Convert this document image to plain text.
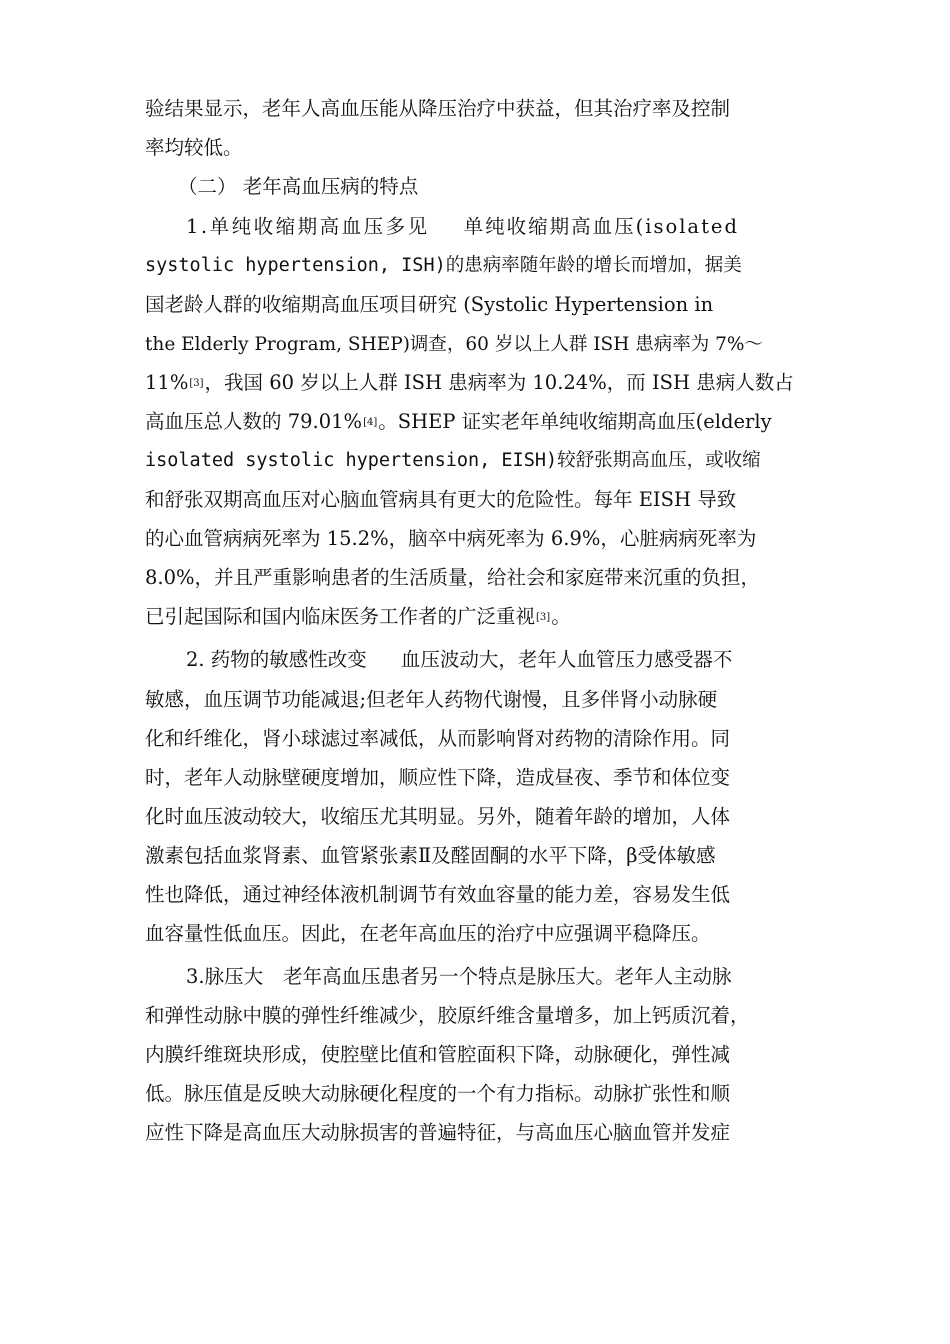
验结果显示，老年人高血压能从降压治疗中获益，但其治疗率及控制
率均较低。
（二） 老年高血压病的特点
1.单纯收缩期高血压多见 单纯收缩期高血压(isolated
systolic hypertension, ISH)的患病率随年龄的增长而增加，据美
国老龄人群的收缩期高血压项目研究 (Systolic Hypertension in
the Elderly Program, SHEP)调查，60 岁以上人群 ISH 患病率为 7%～
11%[3]，我国 60 岁以上人群 ISH 患病率为 10.24%，而 ISH 患病人数占
高血压总人数的 79.01%[4]。SHEP 证实老年单纯收缩期高血压(elderly
isolated systolic hypertension, EISH)较舒张期高血压，或收缩
和舒张双期高血压对心脑血管病具有更大的危险性。每年 EISH 导致
的心血管病病死率为 15.2%，脑卒中病死率为 6.9%，心脏病病死率为
8.0%，并且严重影响患者的生活质量，给社会和家庭带来沉重的负担，
已引起国际和国内临床医务工作者的广泛重视[3]。
2. 药物的敏感性改变 血压波动大，老年人血管压力感受器不
敏感，血压调节功能减退;但老年人药物代谢慢，且多伴肾小动脉硬
化和纤维化，肾小球滤过率减低，从而影响肾对药物的清除作用。同
时，老年人动脉壁硬度增加，顺应性下降，造成昼夜、季节和体位变
化时血压波动较大，收缩压尤其明显。另外，随着年龄的增加，人体
激素包括血浆肾素、血管紧张素Ⅱ及醛固酮的水平下降，β受体敏感
性也降低，通过神经体液机制调节有效血容量的能力差，容易发生低
血容量性低血压。因此，在老年高血压的治疗中应强调平稳降压。
3.脉压大 老年高血压患者另一个特点是脉压大。老年人主动脉
和弹性动脉中膜的弹性纤维减少，胶原纤维含量增多，加上钙质沉着，
内膜纤维斑块形成，使腔壁比值和管腔面积下降，动脉硬化，弹性减
低。脉压值是反映大动脉硬化程度的一个有力指标。动脉扩张性和顺
应性下降是高血压大动脉损害的普遍特征，与高血压心脑血管并发症
